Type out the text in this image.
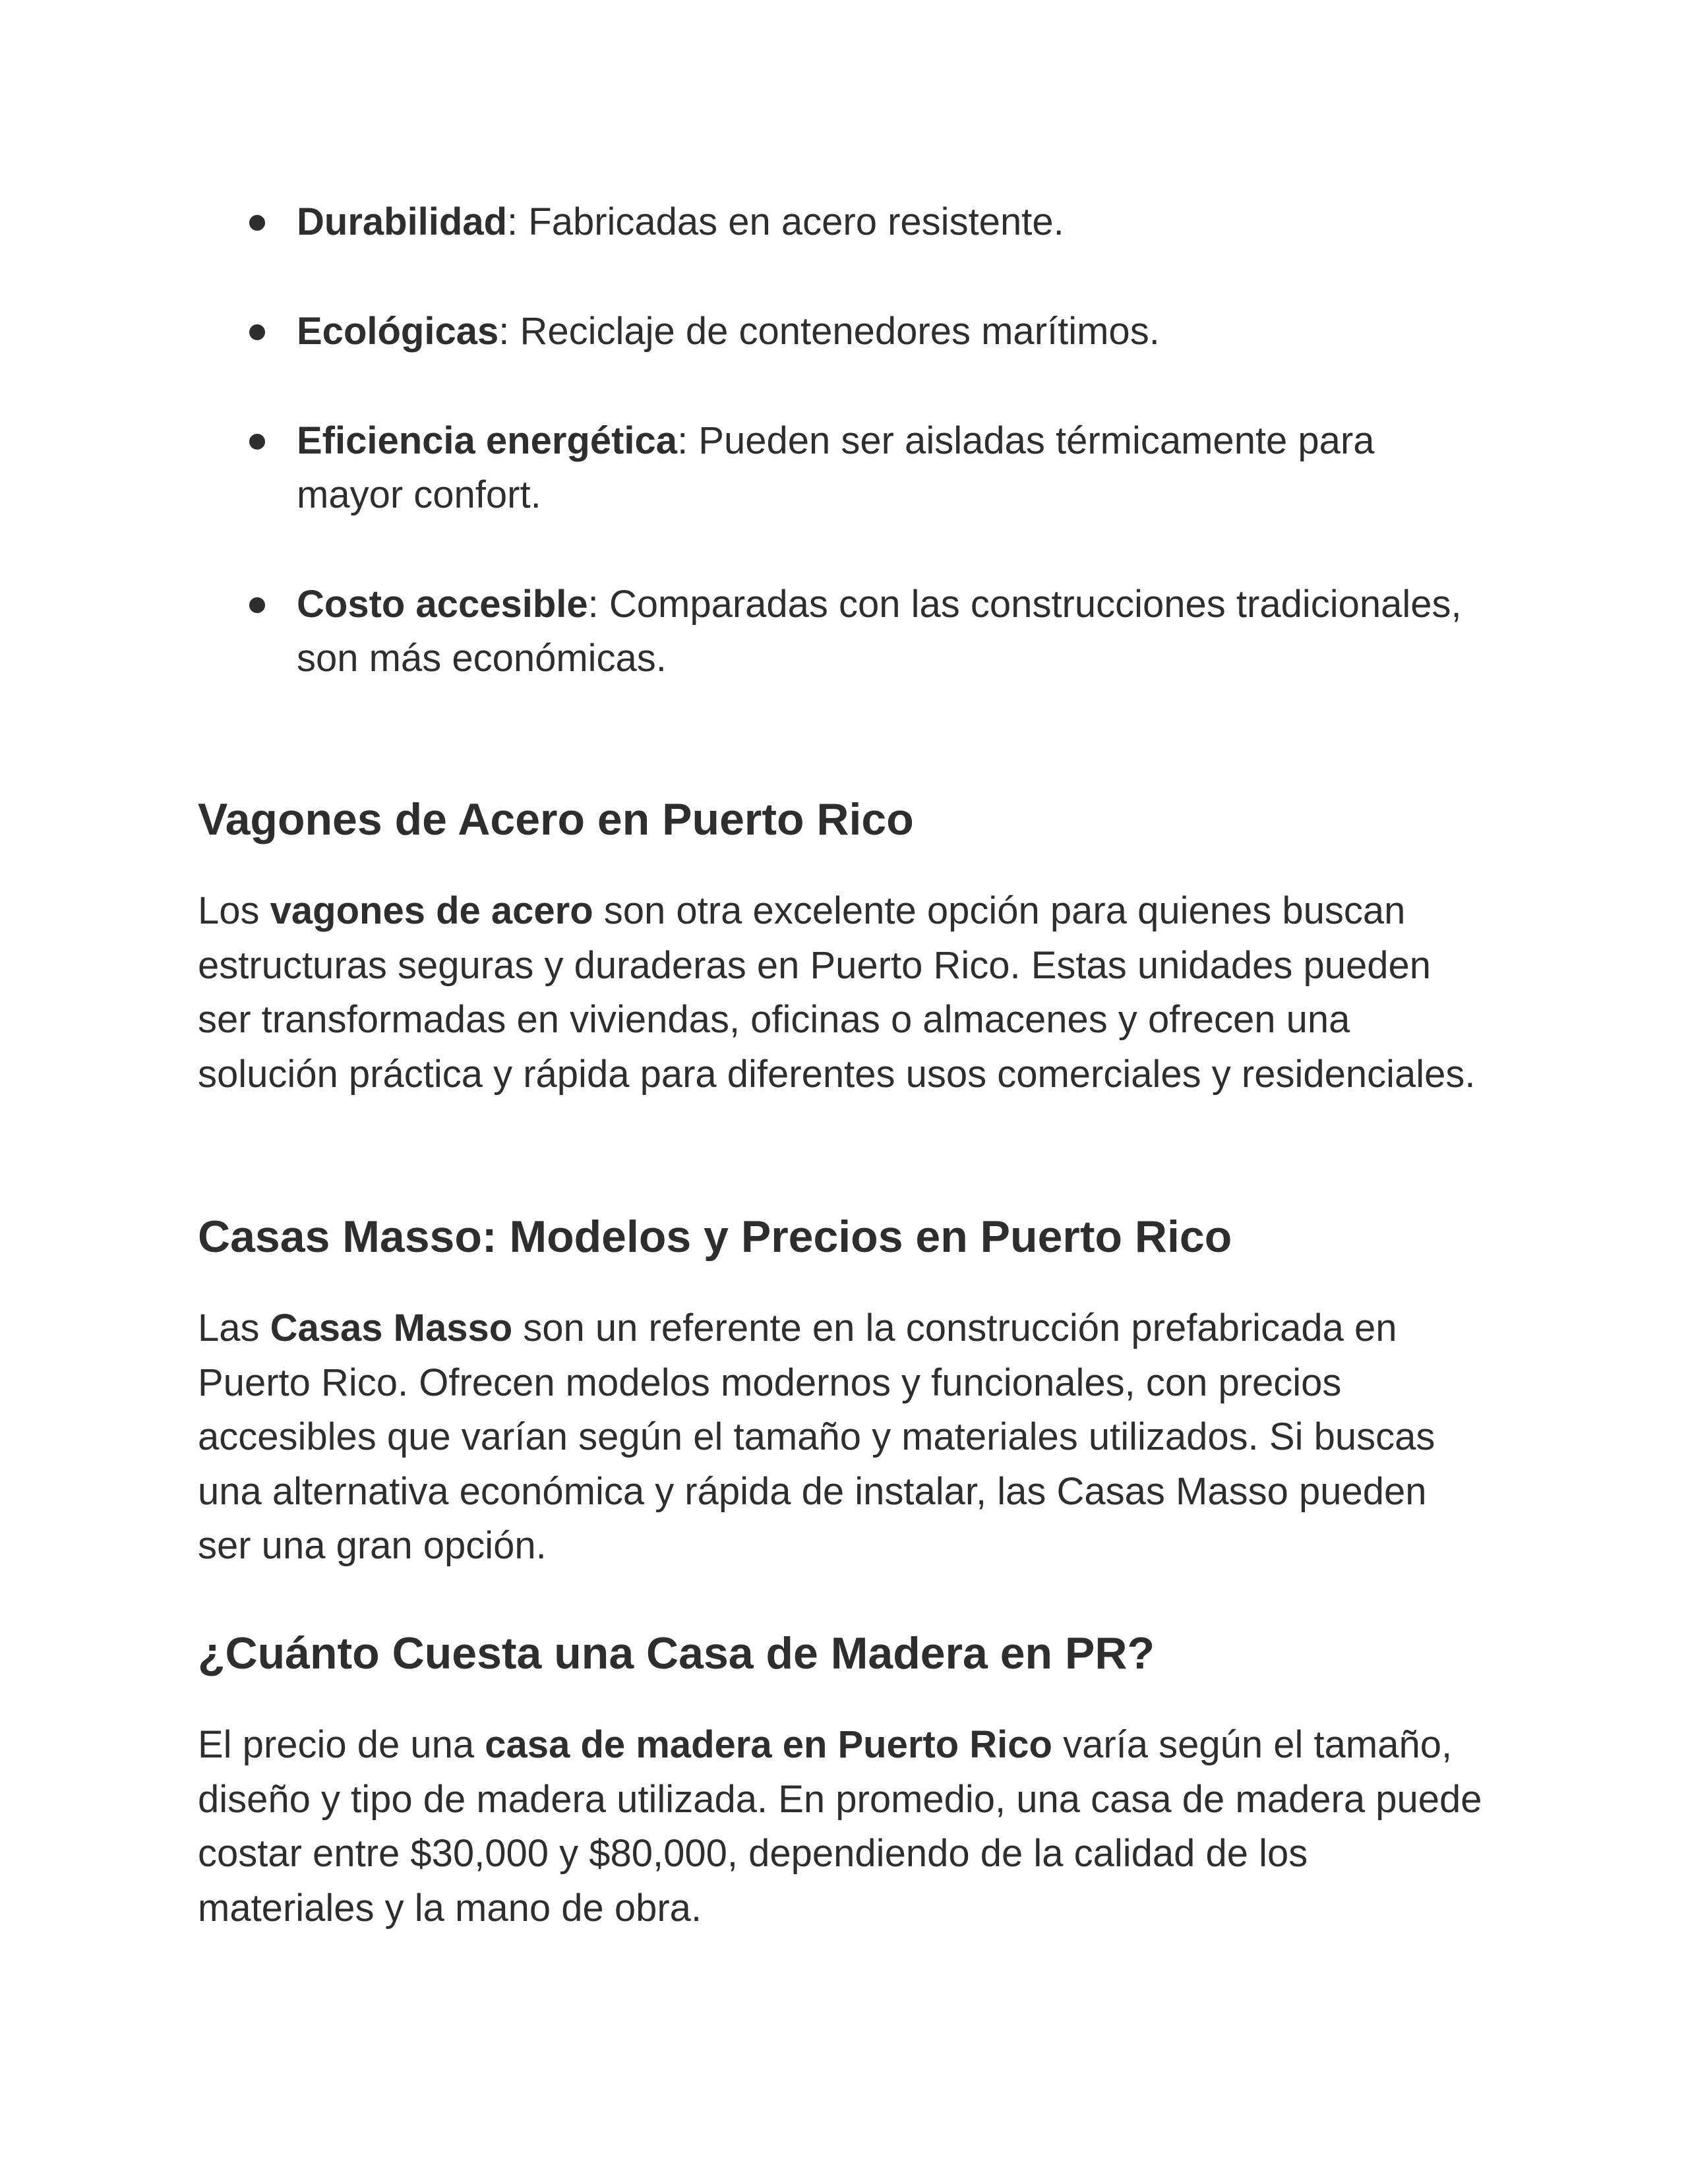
Durabilidad: Fabricadas en acero resistente.
Ecológicas: Reciclaje de contenedores marítimos.
Eficiencia energética: Pueden ser aisladas térmicamente para mayor confort.
Costo accesible: Comparadas con las construcciones tradicionales, son más económicas.
Vagones de Acero en Puerto Rico

Los vagones de acero son otra excelente opción para quienes buscan estructuras seguras y duraderas en Puerto Rico. Estas unidades pueden ser transformadas en viviendas, oficinas o almacenes y ofrecen una solución práctica y rápida para diferentes usos comerciales y residenciales.

Casas Masso: Modelos y Precios en Puerto Rico

Las Casas Masso son un referente en la construcción prefabricada en Puerto Rico. Ofrecen modelos modernos y funcionales, con precios accesibles que varían según el tamaño y materiales utilizados. Si buscas una alternativa económica y rápida de instalar, las Casas Masso pueden ser una gran opción.

¿Cuánto Cuesta una Casa de Madera en PR?

El precio de una casa de madera en Puerto Rico varía según el tamaño, diseño y tipo de madera utilizada. En promedio, una casa de madera puede costar entre $30,000 y $80,000, dependiendo de la calidad de los materiales y la mano de obra.
